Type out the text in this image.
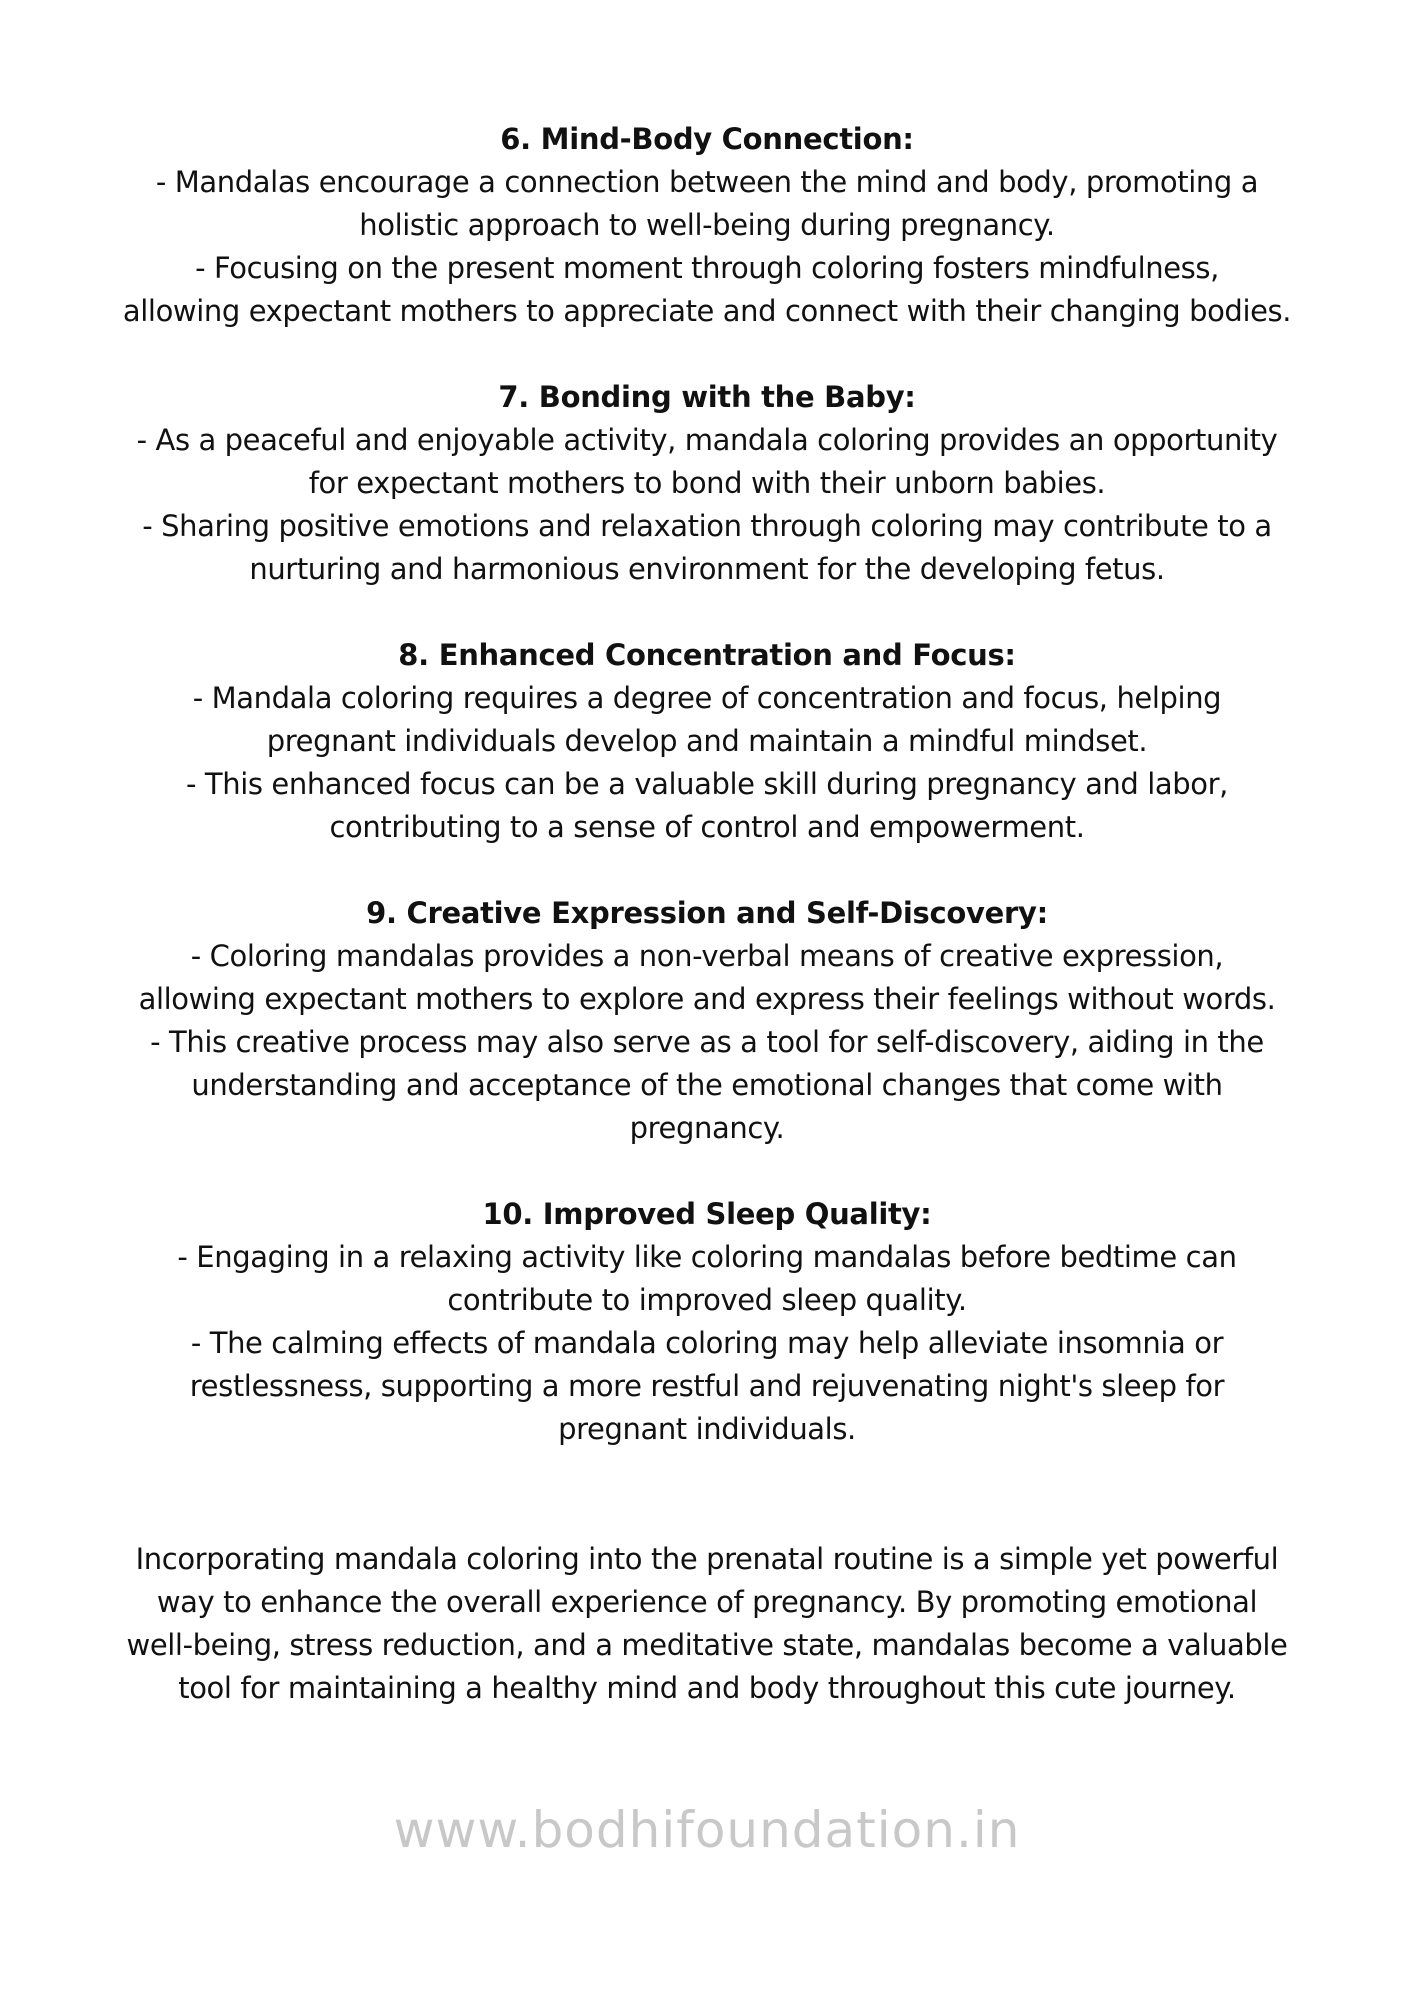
6. Mind-Body Connection:

- Mandalas encourage a connection between the mind and body, promoting a
holistic approach to well-being during pregnancy.
- Focusing on the present moment through coloring fosters mindfulness,
allowing expectant mothers to appreciate and connect with their changing bodies.

7. Bonding with the Baby:

- As a peaceful and enjoyable activity, mandala coloring provides an opportunity
for expectant mothers to bond with their unborn babies.
- Sharing positive emotions and relaxation through coloring may contribute to a
nurturing and harmonious environment for the developing fetus.

8. Enhanced Concentration and Focus:

- Mandala coloring requires a degree of concentration and focus, helping
pregnant individuals develop and maintain a mindful mindset.
- This enhanced focus can be a valuable skill during pregnancy and labor,
contributing to a sense of control and empowerment.

9. Creative Expression and Self-Discovery:

- Coloring mandalas provides a non-verbal means of creative expression,
allowing expectant mothers to explore and express their feelings without words.
- This creative process may also serve as a tool for self-discovery, aiding in the
understanding and acceptance of the emotional changes that come with
pregnancy.

10. Improved Sleep Quality:

- Engaging in a relaxing activity like coloring mandalas before bedtime can
contribute to improved sleep quality.
- The calming effects of mandala coloring may help alleviate insomnia or
restlessness, supporting a more restful and rejuvenating night's sleep for
pregnant individuals.

Incorporating mandala coloring into the prenatal routine is a simple yet powerful
way to enhance the overall experience of pregnancy. By promoting emotional
well-being, stress reduction, and a meditative state, mandalas become a valuable
tool for maintaining a healthy mind and body throughout this cute journey.
www.bodhifoundation.in
